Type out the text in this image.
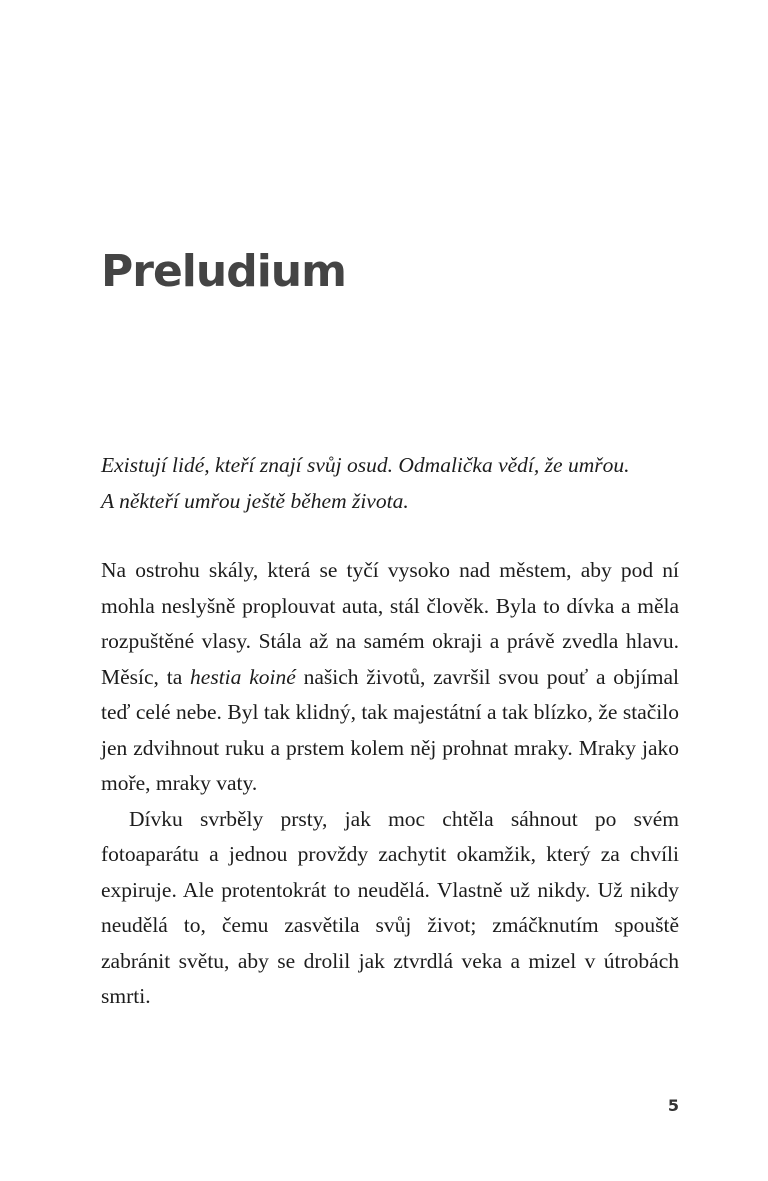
Preludium
Existují lidé, kteří znají svůj osud. Odmalička vědí, že umřou.
A někteří umřou ještě během života.

Na ostrohu skály, která se tyčí vysoko nad městem, aby pod ní mohla neslyšně proplouvat auta, stál člověk. Byla to dívka a měla rozpuštěné vlasy. Stála až na samém okraji a právě zvedla hlavu. Měsíc, ta hestia koiné našich životů, završil svou pouť a objímal teď celé nebe. Byl tak klidný, tak majestátní a tak blízko, že stačilo jen zdvihnout ruku a prstem kolem něj prohnat mraky. Mraky jako moře, mraky vaty.

Dívku svrběly prsty, jak moc chtěla sáhnout po svém fotoaparátu a jednou provždy zachytit okamžik, který za chvíli expiruje. Ale protentokrát to neudělá. Vlastně už nikdy. Už nikdy neudělá to, čemu zasvětila svůj život; zmáčknutím spouště zabránit světu, aby se drolil jak ztvrdlá veka a mizel v útrobách smrti.

5
